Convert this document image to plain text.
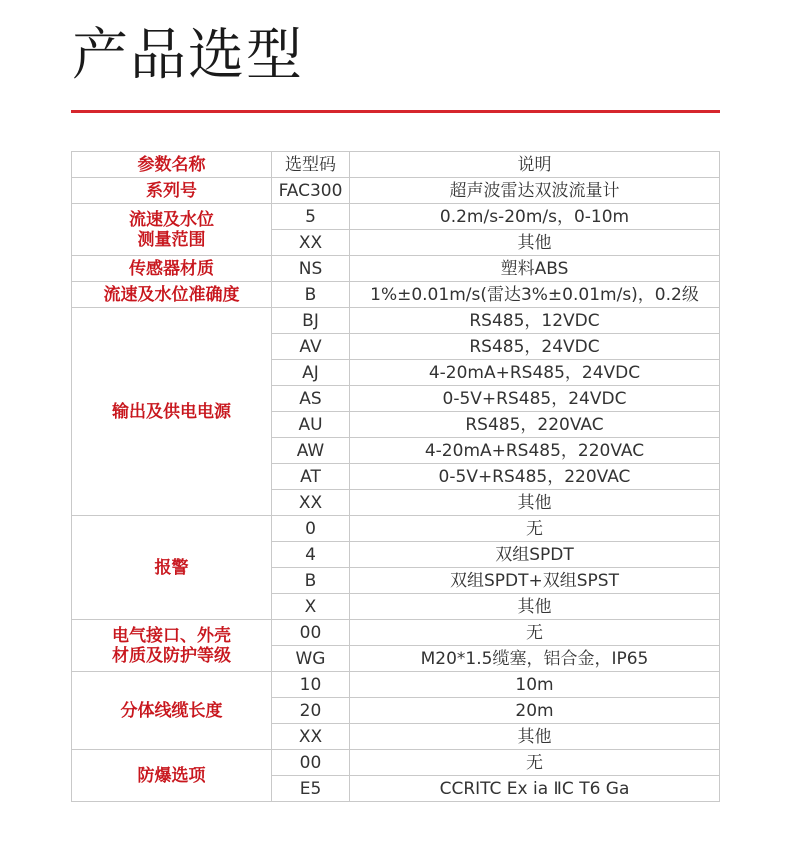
产品选型
参数名称	选型码	说明

系列号	FAC300	超声波雷达双波流量计

流速及水位
测量范围	5	0.2m/s-20m/s，0-10m
	XX	其他

传感器材质	NS	塑料ABS

流速及水位准确度	B	1%±0.01m/s(雷达3%±0.01m/s)，0.2级

输出及供电电源	BJ	RS485，12VDC
	AV	RS485，24VDC
	AJ	4-20mA+RS485，24VDC
	AS	0-5V+RS485，24VDC
	AU	RS485，220VAC
	AW	4-20mA+RS485，220VAC
	AT	0-5V+RS485，220VAC
	XX	其他

报警	0	无
	4	双组SPDT
	B	双组SPDT+双组SPST
	X	其他

电气接口、外壳
材质及防护等级	00	无
	WG	M20*1.5缆塞，铝合金，IP65

分体线缆长度	10	10m
	20	20m
	XX	其他

防爆选项	00	无
	E5	CCRITC Ex ia ⅡC T6 Ga
